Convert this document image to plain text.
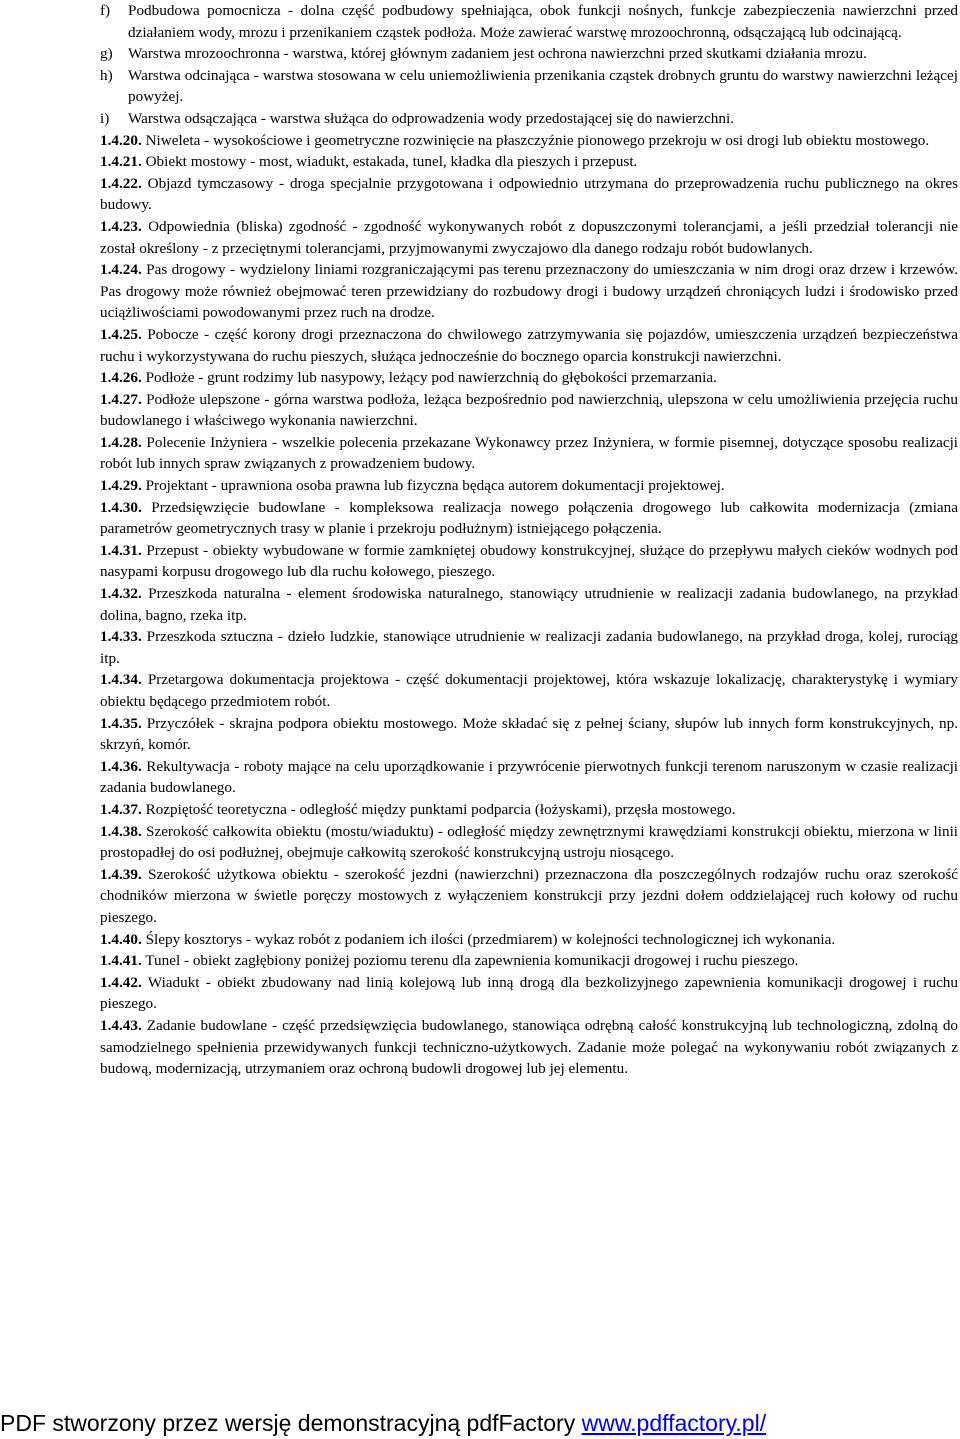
f) Podbudowa pomocnicza - dolna część podbudowy spełniająca, obok funkcji nośnych, funkcje zabezpieczenia nawierzchni przed działaniem wody, mrozu i przenikaniem cząstek podłoża. Może zawierać warstwę mrozoochronną, odsączającą lub odcinającą.

g) Warstwa mrozoochronna - warstwa, której głównym zadaniem jest ochrona nawierzchni przed skutkami działania mrozu.

h) Warstwa odcinająca - warstwa stosowana w celu uniemożliwienia przenikania cząstek drobnych gruntu do warstwy nawierzchni leżącej powyżej.

i) Warstwa odsączająca - warstwa służąca do odprowadzenia wody przedostającej się do nawierzchni.

1.4.20. Niweleta - wysokościowe i geometryczne rozwinięcie na płaszczyźnie pionowego przekroju w osi drogi lub obiektu mostowego.

1.4.21. Obiekt mostowy - most, wiadukt, estakada, tunel, kładka dla pieszych i przepust.

1.4.22. Objazd tymczasowy - droga specjalnie przygotowana i odpowiednio utrzymana do przeprowadzenia ruchu publicznego na okres budowy.

1.4.23. Odpowiednia (bliska) zgodność - zgodność wykonywanych robót z dopuszczonymi tolerancjami, a jeśli przedział tolerancji nie został określony - z przeciętnymi tolerancjami, przyjmowanymi zwyczajowo dla danego rodzaju robót budowlanych.

1.4.24. Pas drogowy - wydzielony liniami rozgraniczającymi pas terenu przeznaczony do umieszczania w nim drogi oraz drzew i krzewów. Pas drogowy może również obejmować teren przewidziany do rozbudowy drogi i budowy urządzeń chroniących ludzi i środowisko przed uciążliwościami powodowanymi przez ruch na drodze.

1.4.25. Pobocze - część korony drogi przeznaczona do chwilowego zatrzymywania się pojazdów, umieszczenia urządzeń bezpieczeństwa ruchu i wykorzystywana do ruchu pieszych, służąca jednocześnie do bocznego oparcia konstrukcji nawierzchni.

1.4.26. Podłoże - grunt rodzimy lub nasypowy, leżący pod nawierzchnią do głębokości przemarzania.

1.4.27. Podłoże ulepszone - górna warstwa podłoża, leżąca bezpośrednio pod nawierzchnią, ulepszona w celu umożliwienia przejęcia ruchu budowlanego i właściwego wykonania nawierzchni.

1.4.28. Polecenie Inżyniera - wszelkie polecenia przekazane Wykonawcy przez Inżyniera, w formie pisemnej, dotyczące sposobu realizacji robót lub innych spraw związanych z prowadzeniem budowy.

1.4.29. Projektant - uprawniona osoba prawna lub fizyczna będąca autorem dokumentacji projektowej.

1.4.30. Przedsięwzięcie budowlane - kompleksowa realizacja nowego połączenia drogowego lub całkowita modernizacja (zmiana parametrów geometrycznych trasy w planie i przekroju podłużnym) istniejącego połączenia.

1.4.31. Przepust - obiekty wybudowane w formie zamkniętej obudowy konstrukcyjnej, służące do przepływu małych cieków wodnych pod nasypami korpusu drogowego lub dla ruchu kołowego, pieszego.

1.4.32. Przeszkoda naturalna - element środowiska naturalnego, stanowiący utrudnienie w realizacji zadania budowlanego, na przykład dolina, bagno, rzeka itp.

1.4.33. Przeszkoda sztuczna - dzieło ludzkie, stanowiące utrudnienie w realizacji zadania budowlanego, na przykład droga, kolej, rurociąg itp.

1.4.34. Przetargowa dokumentacja projektowa - część dokumentacji projektowej, która wskazuje lokalizację, charakterystykę i wymiary obiektu będącego przedmiotem robót.

1.4.35. Przyczółek - skrajna podpora obiektu mostowego. Może składać się z pełnej ściany, słupów lub innych form konstrukcyjnych, np. skrzyń, komór.

1.4.36. Rekultywacja - roboty mające na celu uporządkowanie i przywrócenie pierwotnych funkcji terenom naruszonym w czasie realizacji zadania budowlanego.

1.4.37. Rozpiętość teoretyczna - odległość między punktami podparcia (łożyskami), przęsła mostowego.

1.4.38. Szerokość całkowita obiektu (mostu/wiaduktu) - odległość między zewnętrznymi krawędziami konstrukcji obiektu, mierzona w linii prostopadłej do osi podłużnej, obejmuje całkowitą szerokość konstrukcyjną ustroju niosącego.

1.4.39. Szerokość użytkowa obiektu - szerokość jezdni (nawierzchni) przeznaczona dla poszczególnych rodzajów ruchu oraz szerokość chodników mierzona w świetle poręczy mostowych z wyłączeniem konstrukcji przy jezdni dołem oddzielającej ruch kołowy od ruchu pieszego.

1.4.40. Ślepy kosztorys - wykaz robót z podaniem ich ilości (przedmiarem) w kolejności technologicznej ich wykonania.

1.4.41. Tunel - obiekt zagłębiony poniżej poziomu terenu dla zapewnienia komunikacji drogowej i ruchu pieszego.

1.4.42. Wiadukt - obiekt zbudowany nad linią kolejową lub inną drogą dla bezkolizyjnego zapewnienia komunikacji drogowej i ruchu pieszego.

1.4.43. Zadanie budowlane - część przedsięwzięcia budowlanego, stanowiąca odrębną całość konstrukcyjną lub technologiczną, zdolną do samodzielnego spełnienia przewidywanych funkcji techniczno-użytkowych. Zadanie może polegać na wykonywaniu robót związanych z budową, modernizacją, utrzymaniem oraz ochroną budowli drogowej lub jej elementu.

PDF stworzony przez wersję demonstracyjną pdfFactory www.pdffactory.pl/
